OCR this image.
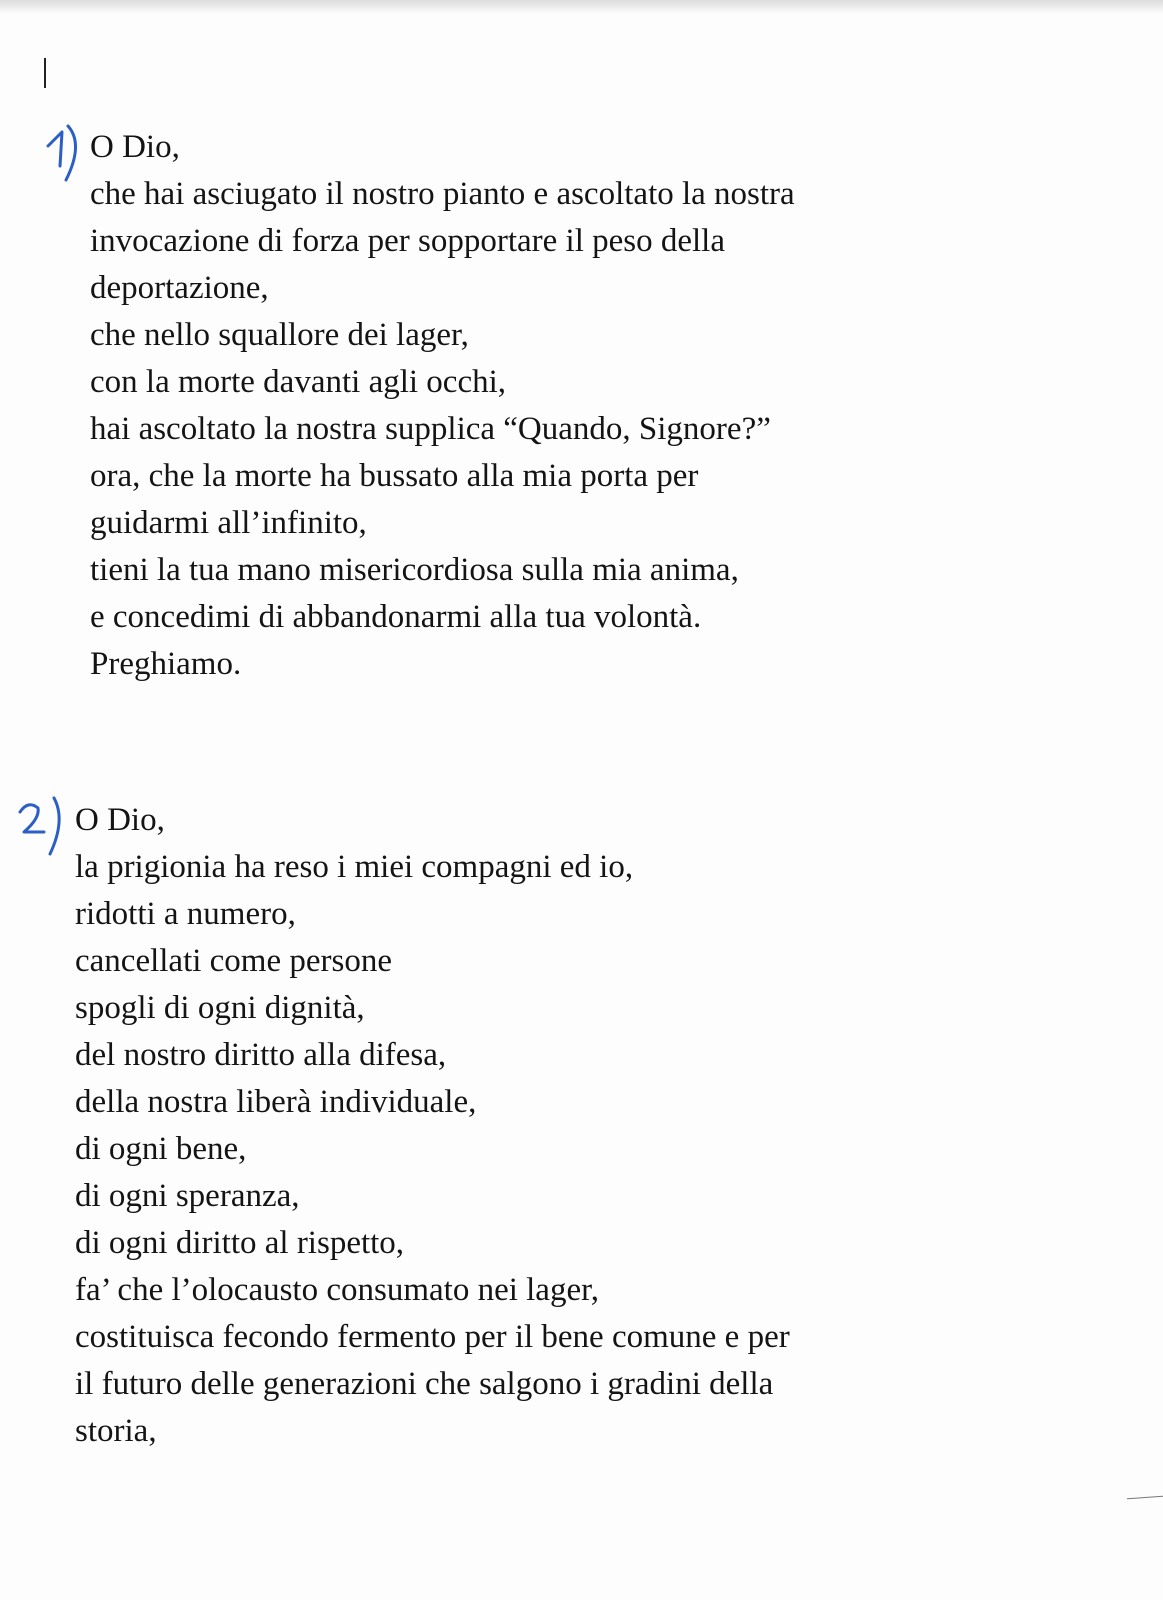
O Dio,
che hai asciugato il nostro pianto e ascoltato la nostra
invocazione di forza per sopportare il peso della
deportazione,
che nello squallore dei lager,
con la morte davanti agli occhi,
hai ascoltato la nostra supplica “Quando, Signore?”
ora, che la morte ha bussato alla mia porta per
guidarmi all’infinito,
tieni la tua mano misericordiosa sulla mia anima,
e concedimi di abbandonarmi alla tua volontà.
Preghiamo.
O Dio,
la prigionia ha reso i miei compagni ed io,
ridotti a numero,
cancellati come persone
spogli di ogni dignità,
del nostro diritto alla difesa,
della nostra liberà individuale,
di ogni bene,
di ogni speranza,
di ogni diritto al rispetto,
fa’ che l’olocausto consumato nei lager,
costituisca fecondo fermento per il bene comune e per
il futuro delle generazioni che salgono i gradini della
storia,
